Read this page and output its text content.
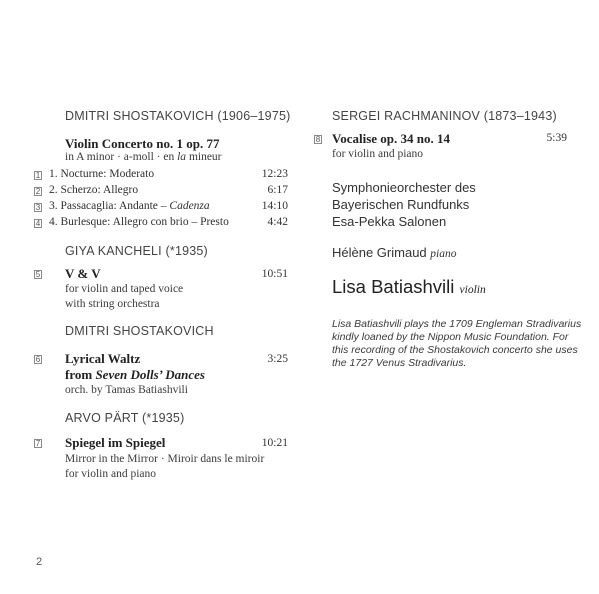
DMITRI SHOSTAKOVICH (1906–1975)
Violin Concerto no. 1 op. 77
in A minor · a-moll · en la mineur
1 1. Nocturne: Moderato	12:23
2 2. Scherzo: Allegro	6:17
3 3. Passacaglia: Andante – Cadenza	14:10
4 4. Burlesque: Allegro con brio – Presto	4:42
GIYA KANCHELI (*1935)
5 V & V	10:51
for violin and taped voice
with string orchestra
DMITRI SHOSTAKOVICH
6 Lyrical Waltz	3:25
from Seven Dolls’ Dances
orch. by Tamas Batiashvili
ARVO PÄRT (*1935)
7 Spiegel im Spiegel	10:21
Mirror in the Mirror · Miroir dans le miroir
for violin and piano
SERGEI RACHMANINOV (1873–1943)
8 Vocalise op. 34 no. 14	5:39
for violin and piano
Symphonieorchester des
Bayerischen Rundfunks
Esa-Pekka Salonen
Hélène Grimaud piano
Lisa Batiashvili violin
Lisa Batiashvili plays the 1709 Engleman Stradivarius kindly loaned by the Nippon Music Foundation. For this recording of the Shostakovich concerto she uses the 1727 Venus Stradivarius.
2
